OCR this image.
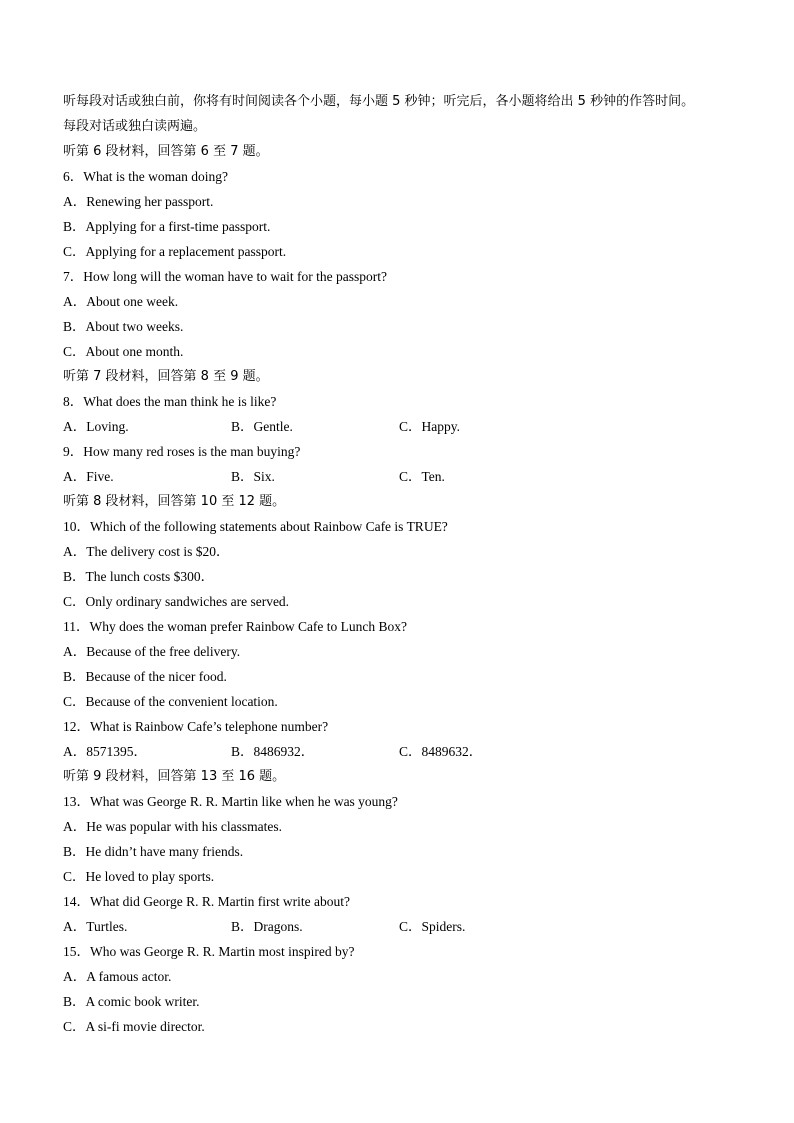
听每段对话或独白前，你将有时间阅读各个小题，每小题 5 秒钟；听完后，各小题将给出 5 秒钟的作答时间。
每段对话或独白读两遍。
听第 6 段材料，回答第 6 至 7 题。
6．What is the woman doing?
A．Renewing her passport.
B．Applying for a first-time passport.
C．Applying for a replacement passport.
7．How long will the woman have to wait for the passport?
A．About one week.
B．About two weeks.
C．About one month.
听第 7 段材料，回答第 8 至 9 题。
8．What does the man think he is like?
A．Loving.	B．Gentle.	C．Happy.
9．How many red roses is the man buying?
A．Five.	B．Six.	C．Ten.
听第 8 段材料，回答第 10 至 12 题。
10．Which of the following statements about Rainbow Cafe is TRUE?
A．The delivery cost is $20．
B．The lunch costs $300．
C．Only ordinary sandwiches are served.
11．Why does the woman prefer Rainbow Cafe to Lunch Box?
A．Because of the free delivery.
B．Because of the nicer food.
C．Because of the convenient location.
12．What is Rainbow Cafe’s telephone number?
A．8571395．	B．8486932．	C．8489632．
听第 9 段材料，回答第 13 至 16 题。
13．What was George R. R. Martin like when he was young?
A．He was popular with his classmates.
B．He didn’t have many friends.
C．He loved to play sports.
14．What did George R. R. Martin first write about?
A．Turtles.	B．Dragons.	C．Spiders.
15．Who was George R. R. Martin most inspired by?
A．A famous actor.
B．A comic book writer.
C．A si-fi movie director.
